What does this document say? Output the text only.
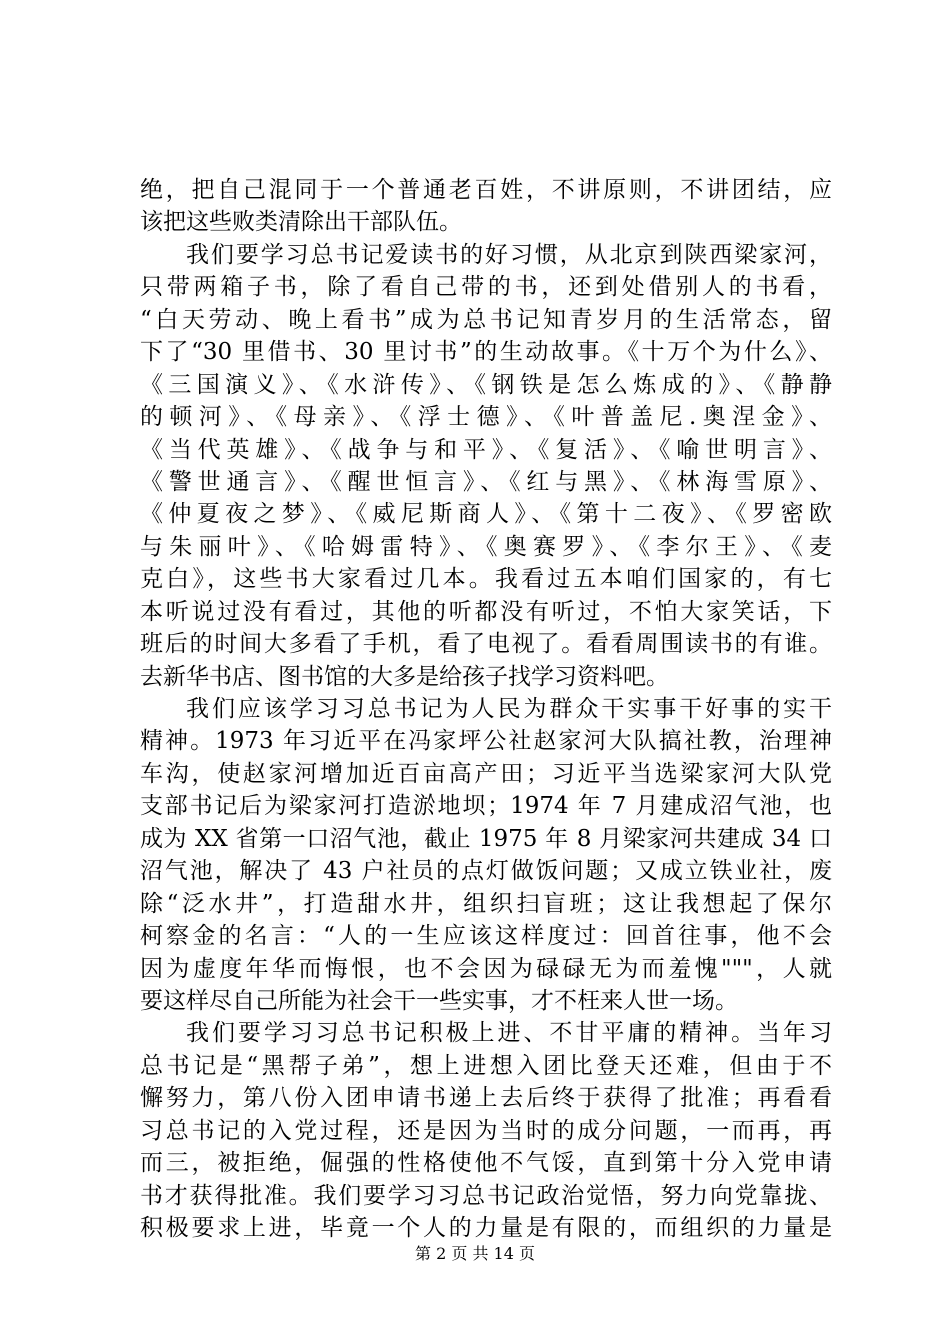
绝，把自己混同于一个普通老百姓，不讲原则，不讲团结，应
该把这些败类清除出干部队伍。
我们要学习总书记爱读书的好习惯，从北京到陕西梁家河，
只带两箱子书，除了看自己带的书，还到处借别人的书看，
“白天劳动、晚上看书”成为总书记知青岁月的生活常态，留
下了“30 里借书、30 里讨书”的生动故事。《十万个为什么》、
《三国演义》、《水浒传》、《钢铁是怎么炼成的》、《静静
的顿河》、《母亲》、《浮士德》、《叶普盖尼.奥涅金》、
《当代英雄》、《战争与和平》、《复活》、《喻世明言》、
《警世通言》、《醒世恒言》、《红与黑》、《林海雪原》、
《仲夏夜之梦》、《威尼斯商人》、《第十二夜》、《罗密欧
与朱丽叶》、《哈姆雷特》、《奥赛罗》、《李尔王》、《麦
克白》，这些书大家看过几本。我看过五本咱们国家的，有七
本听说过没有看过，其他的听都没有听过，不怕大家笑话，下
班后的时间大多看了手机，看了电视了。看看周围读书的有谁。
去新华书店、图书馆的大多是给孩子找学习资料吧。
我们应该学习习总书记为人民为群众干实事干好事的实干
精神。1973 年习近平在冯家坪公社赵家河大队搞社教，治理神
车沟，使赵家河增加近百亩高产田；习近平当选梁家河大队党
支部书记后为梁家河打造淤地坝；1974 年 7 月建成沼气池，也
成为 XX 省第一口沼气池，截止 1975 年 8 月梁家河共建成 34 口
沼气池，解决了 43 户社员的点灯做饭问题；又成立铁业社，废
除“泛水井”，打造甜水井，组织扫盲班；这让我想起了保尔
柯察金的名言：“人的一生应该这样度过：回首往事，他不会
因为虚度年华而悔恨，也不会因为碌碌无为而羞愧"""，人就
要这样尽自己所能为社会干一些实事，才不枉来人世一场。
我们要学习习总书记积极上进、不甘平庸的精神。当年习
总书记是“黑帮子弟”，想上进想入团比登天还难，但由于不
懈努力，第八份入团申请书递上去后终于获得了批准；再看看
习总书记的入党过程，还是因为当时的成分问题，一而再，再
而三，被拒绝，倔强的性格使他不气馁，直到第十分入党申请
书才获得批准。我们要学习习总书记政治觉悟，努力向党靠拢、
积极要求上进，毕竟一个人的力量是有限的，而组织的力量是
第 2 页 共 14 页
